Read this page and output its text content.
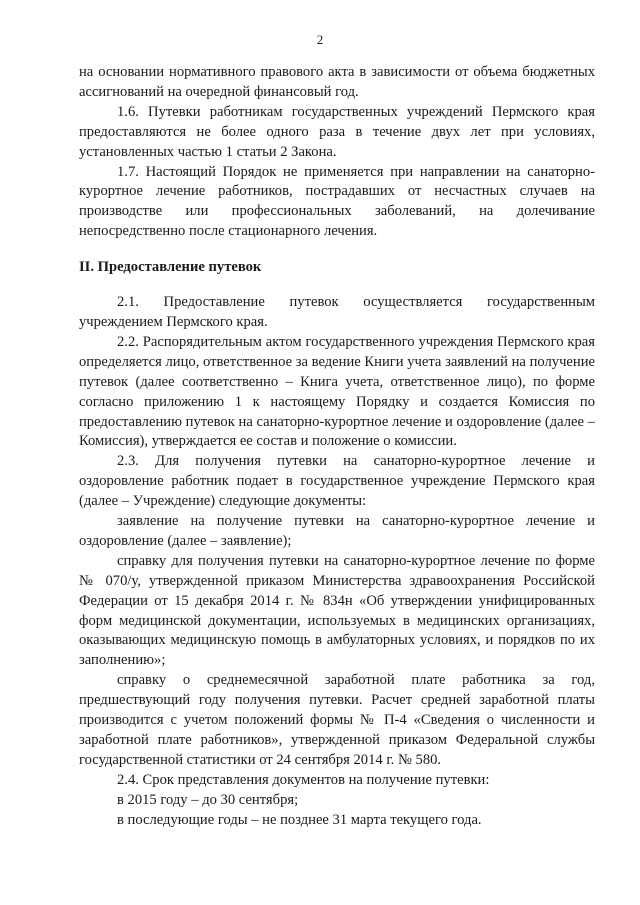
2

на основании нормативного правового акта в зависимости от объема бюджетных ассигнований на очередной финансовый год.

1.6. Путевки работникам государственных учреждений Пермского края предоставляются не более одного раза в течение двух лет при условиях, установленных частью 1 статьи 2 Закона.

1.7. Настоящий Порядок не применяется при направлении на санаторно-курортное лечение работников, пострадавших от несчастных случаев на производстве или профессиональных заболеваний, на долечивание непосредственно после стационарного лечения.

II. Предоставление путевок

2.1. Предоставление путевок осуществляется государственным учреждением Пермского края.

2.2. Распорядительным актом государственного учреждения Пермского края определяется лицо, ответственное за ведение Книги учета заявлений на получение путевок (далее соответственно – Книга учета, ответственное лицо), по форме согласно приложению 1 к настоящему Порядку и создается Комиссия по предоставлению путевок на санаторно-курортное лечение и оздоровление (далее – Комиссия), утверждается ее состав и положение о комиссии.

2.3. Для получения путевки на санаторно-курортное лечение и оздоровление работник подает в государственное учреждение Пермского края (далее – Учреждение) следующие документы:

заявление на получение путевки на санаторно-курортное лечение и оздоровление (далее – заявление);

справку для получения путевки на санаторно-курортное лечение по форме № 070/у, утвержденной приказом Министерства здравоохранения Российской Федерации от 15 декабря 2014 г. № 834н «Об утверждении унифицированных форм медицинской документации, используемых в медицинских организациях, оказывающих медицинскую помощь в амбулаторных условиях, и порядков по их заполнению»;

справку о среднемесячной заработной плате работника за год, предшествующий году получения путевки. Расчет средней заработной платы производится с учетом положений формы № П-4 «Сведения о численности и заработной плате работников», утвержденной приказом Федеральной службы государственной статистики от 24 сентября 2014 г. № 580.

2.4. Срок представления документов на получение путевки:

в 2015 году – до 30 сентября;

в последующие годы – не позднее 31 марта текущего года.
